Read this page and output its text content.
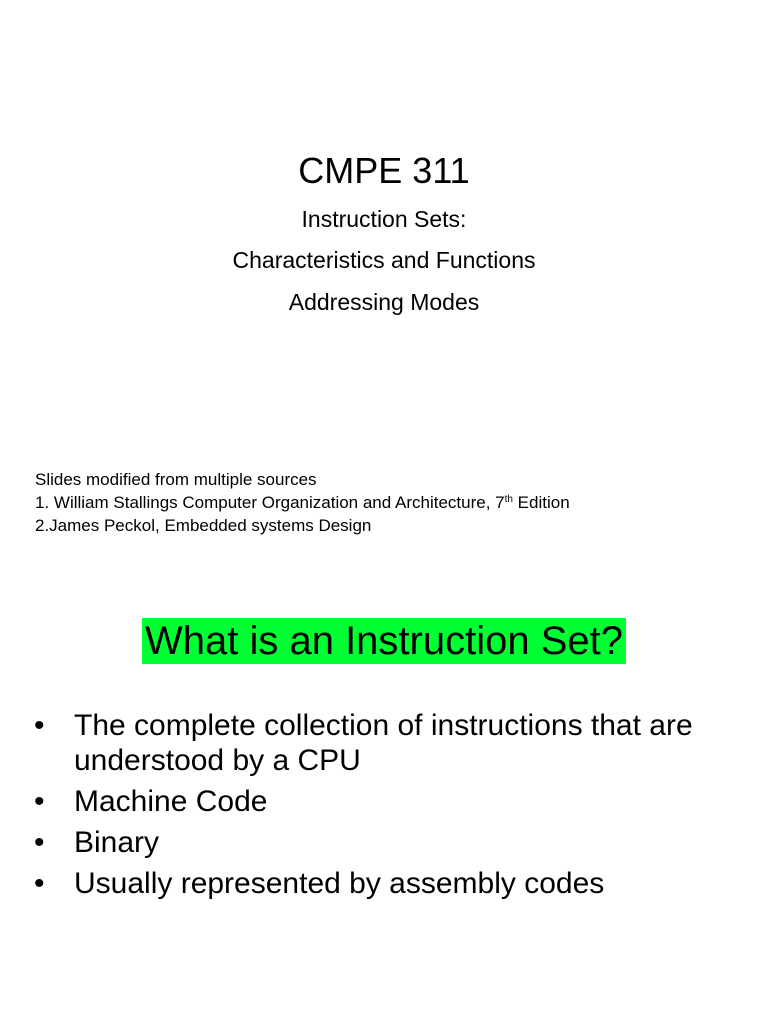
CMPE 311

Instruction Sets:

Characteristics and Functions

Addressing Modes

Slides modified from multiple sources
1. William Stallings Computer Organization and Architecture, 7th Edition
2.James Peckol, Embedded systems Design
What is an Instruction Set?
• The complete collection of instructions that are understood by a CPU
• Machine Code
• Binary
• Usually represented by assembly codes
